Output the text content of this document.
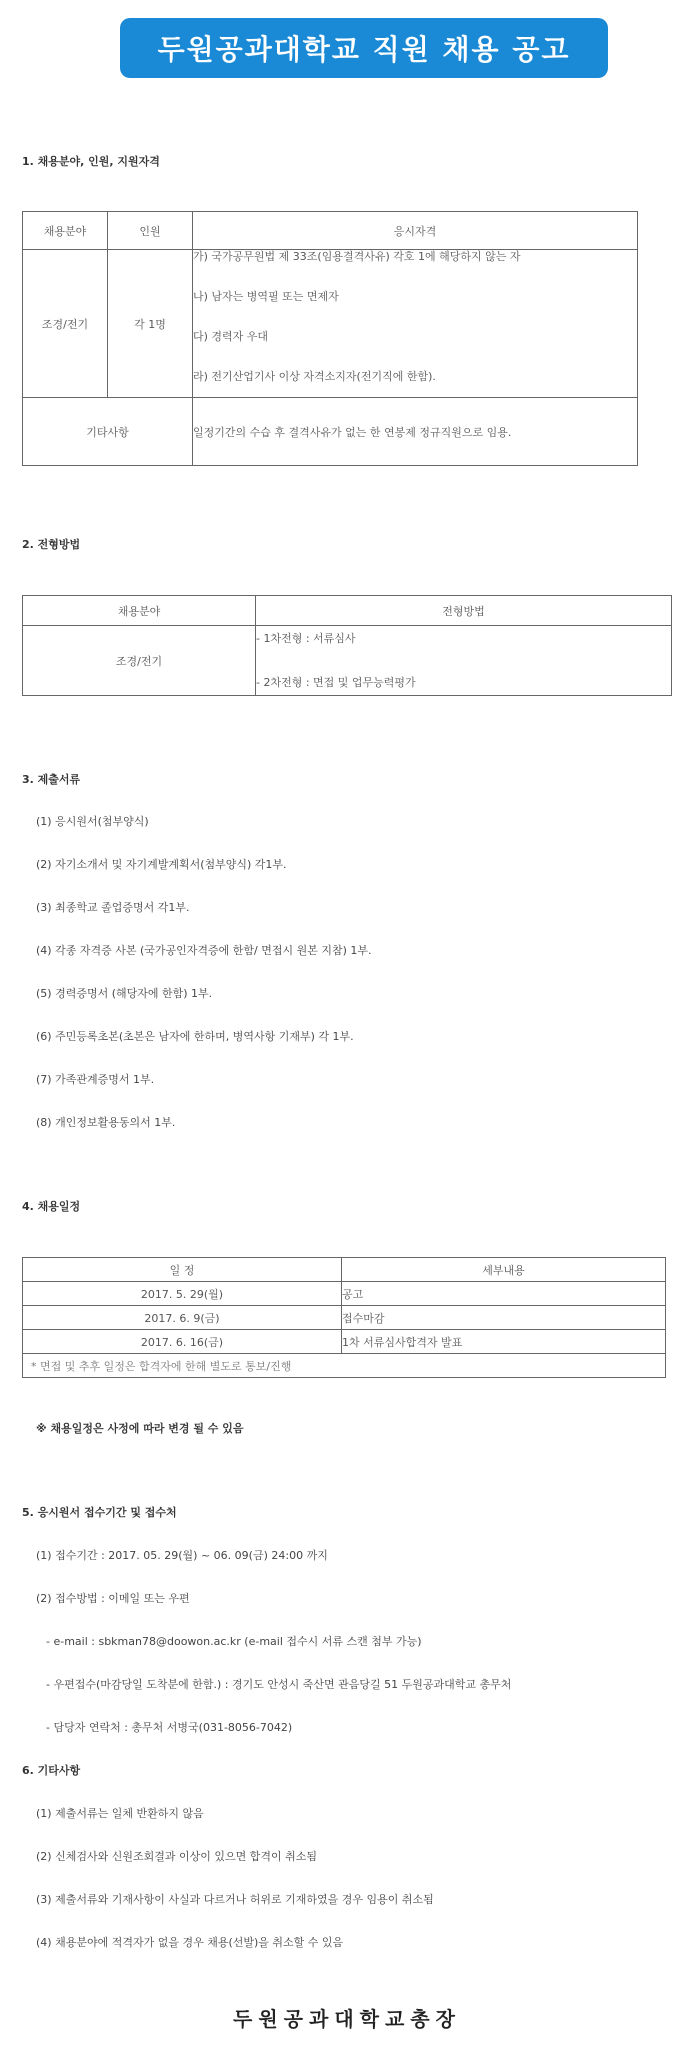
두원공과대학교 직원 채용 공고
1. 채용분야, 인원, 지원자격
채용분야	인원	응시자격
조경/전기	각 1명	가) 국가공무원법 제 33조(임용결격사유) 각호 1에 해당하지 않는 자
나) 남자는 병역필 또는 면제자
다) 경력자 우대
라) 전기산업기사 이상 자격소지자(전기직에 한함).

기타사항		일정기간의 수습 후 결격사유가 없는 한 연봉제 정규직원으로 임용.
2. 전형방법
채용분야	전형방법
조경/전기	- 1차전형 : 서류심사
- 2차전형 : 면접 및 업무능력평가
3. 제출서류
(1) 응시원서(첨부양식)
(2) 자기소개서 및 자기계발계획서(첨부양식) 각1부.
(3) 최종학교 졸업증명서 각1부.
(4) 각종 자격증 사본 (국가공인자격증에 한함/ 면접시 원본 지참) 1부.
(5) 경력증명서 (해당자에 한함) 1부.
(6) 주민등록초본(초본은 남자에 한하며, 병역사항 기재부) 각 1부.
(7) 가족관계증명서 1부.
(8) 개인정보활용동의서 1부.
4. 채용일정
일 정	세부내용
2017. 5. 29(월)	공고
2017. 6. 9(금)	접수마감
2017. 6. 16(금)	1차 서류심사합격자 발표
* 면접 및 추후 일정은 합격자에 한해 별도로 통보/진행	
※ 채용일정은 사정에 따라 변경 될 수 있음
5. 응시원서 접수기간 및 접수처
(1) 접수기간 : 2017. 05. 29(월) ~ 06. 09(금) 24:00 까지
(2) 접수방법 : 이메일 또는 우편
- e-mail : sbkman78@doowon.ac.kr (e-mail 접수시 서류 스캔 첨부 가능)
- 우편접수(마감당일 도착분에 한함.) : 경기도 안성시 죽산면 관음당길 51 두원공과대학교 총무처
- 담당자 연락처 : 총무처 서병국(031-8056-7042)
6. 기타사항
(1) 제출서류는 일체 반환하지 않음
(2) 신체검사와 신원조회결과 이상이 있으면 합격이 취소됨
(3) 제출서류와 기재사항이 사실과 다르거나 허위로 기재하였을 경우 임용이 취소됨
(4) 채용분야에 적격자가 없을 경우 채용(선발)을 취소할 수 있음
두원공과대학교총장
